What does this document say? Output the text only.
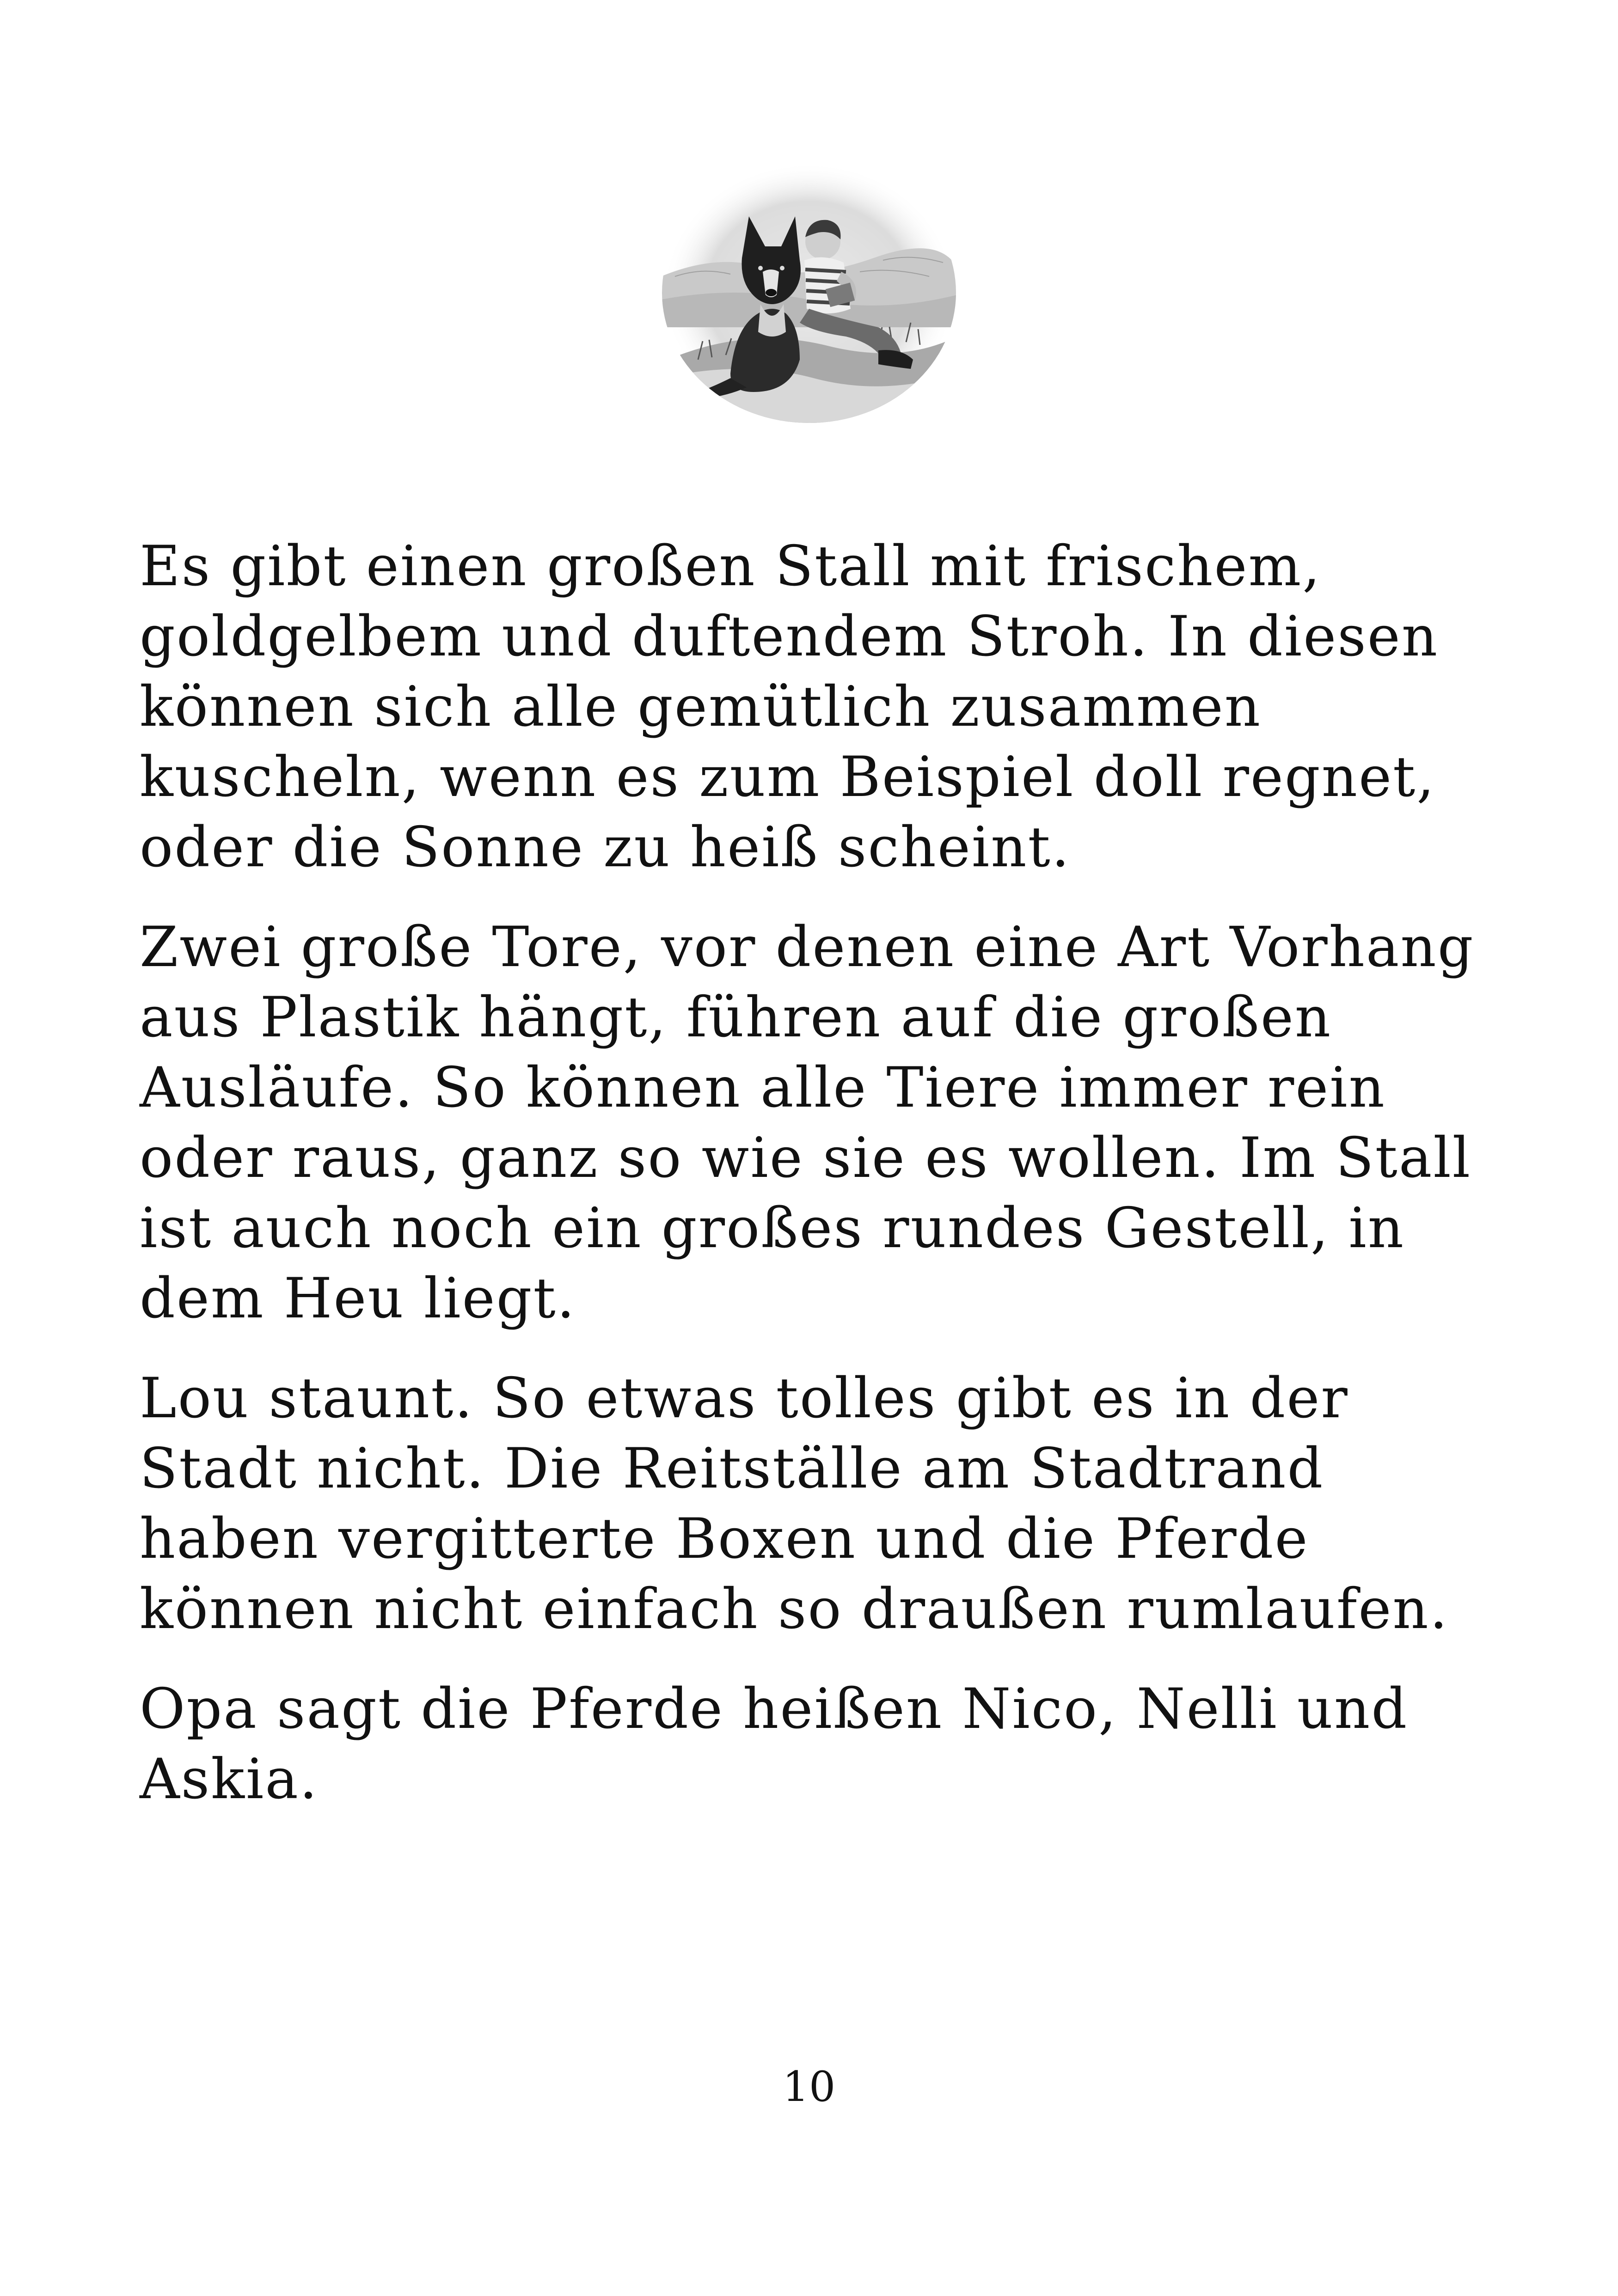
Es gibt einen großen Stall mit frischem, goldgelbem und duftendem Stroh. In diesen können sich alle gemütlich zusammen kuscheln, wenn es zum Beispiel doll regnet, oder die Sonne zu heiß scheint.

Zwei große Tore, vor denen eine Art Vorhang aus Plastik hängt, führen auf die großen Ausläufe. So können alle Tiere immer rein oder raus, ganz so wie sie es wollen. Im Stall ist auch noch ein großes rundes Gestell, in dem Heu liegt.

Lou staunt. So etwas tolles gibt es in der Stadt nicht. Die Reitställe am Stadtrand haben vergitterte Boxen und die Pferde können nicht einfach so draußen rumlaufen.

Opa sagt die Pferde heißen Nico, Nelli und Askia.

10
